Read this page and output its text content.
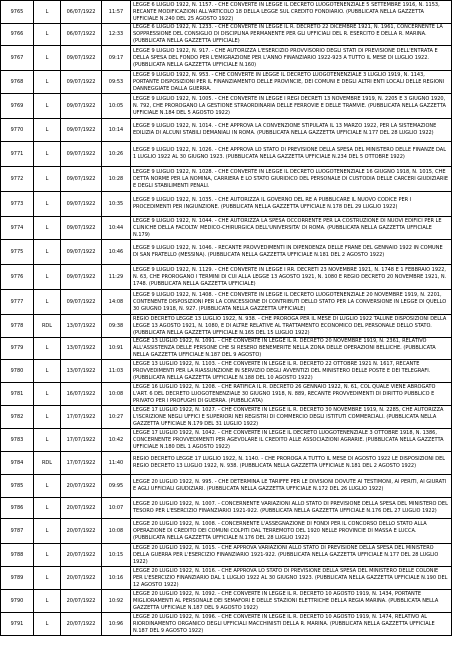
9765	L	06/07/1922	11:57	LEGGE 6 LUGLIO 1922, N. 1157. - CHE CONVERTE IN LEGGE IL DECRETO LUOGOTENENZIALE 5 SETTEMBRE 1916, N. 1153, RECANTE MODIFICAZIONI ALL'ARTICOLO 18 DELLA LEGGE SUL CREDITO FONDIARIO. (PUBBLICATA NELLA GAZZETTA UFFICIALE N.240 DEL 25 AGOSTO 1922)
9766	L	06/07/1922	12:33	LEGGE 6 LUGLIO 1922, N. 1233. - CHE CONVERTE IN LEGGE IL R. DECRETO 22 DICEMBRE 1921, N. 1961, CONCERNENTE LA SOPPRESSIONE DEL CONSIGLIO DI DISCIPLINA PERMANENTE PER GLI UFFICIALI DEL R. ESERCITO E DELLA R. MARINA. (PUBBLICATA NELLA GAZZETTA UFFICIALE)
9767	L	09/07/1922	09:17	LEGGE 9 LUGLIO 1922, N. 917. - CHE AUTORIZZA L'ESERCIZIO PROVVISORIO DEGLI STATI DI PREVISIONE DELL'ENTRATA E DELLA SPESA DEL FONDO PER L'EMIGRAZIONE PER L'ANNO FINANZIARIO 1922-923 A TUTTO IL MESE DI LUGLIO 1922. (PUBBLICATA NELLA GAZZETTA UFFICIALE N.160)
9768	L	09/07/1922	09:53	LEGGE 9 LUGLIO 1922, N. 953. - CHE CONVERTE IN LEGGE IL DECRETO LUOGOTENENZIALE 3 LUGLIO 1919, N. 1143, PORTANTE DISPOSIZIONI PER IL FINANZIAMENTO DELLE PROVINCIE, DEI COMUNI E DEGLI ALTRI ENTI LOCALI DELLE REGIONI DANNEGGIATE DALLA GUERRA.
9769	L	09/07/1922	10:05	LEGGE 9 LUGLIO 1922, N. 1005. - CHE CONVERTE IN LEGGE I REGI DECRETI 13 NOVEMBRE 1919, N. 2205 E 3 GIUGNO 1920, N. 792, CHE PROROGANO LA GESTIONE STRAORDINARIA DELLE FERROVIE E DELLE TRAMVIE. (PUBBLICATA NELLA GAZZETTA UFFICIALE N.184 DEL 5 AGOSTO 1922)
9770	L	09/07/1922	10:14	LEGGE 9 LUGLIO 1922, N. 1014. - CHE APPROVA LA CONVENZIONE STIPULATA IL 13 MARZO 1922, PER LA SISTEMAZIONE EDILIZIA DI ALCUNI STABILI DEMANIALI IN ROMA. (PUBBLICATA NELLA GAZZETTA UFFICIALE N.177 DEL 28 LUGLIO 1922)
9771	L	09/07/1922	10:26	LEGGE 9 LUGLIO 1922, N. 1026. - CHE APPROVA LO STATO DI PREVISIONE DELLA SPESA DEL MINISTERO DELLE FINANZE DAL 1 LUGLIO 1922 AL 30 GIUGNO 1923. (PUBBLICATA NELLA GAZZETTA UFFICIALE N.234 DEL 5 OTTOBRE 1922)
9772	L	09/07/1922	10:28	LEGGE 9 LUGLIO 1922, N. 1028. - CHE CONVERTE IN LEGGE IL DECRETO LUOGOTENENZIALE 16 GIUGNO 1918, N. 1015, CHE DETTA NORME PER LA NOMINA, CARRIERA E LO STATO GIURIDICO DEL PERSONALE DI CUSTODIA DELLE CARCERI GIUDIZIARIE E DEGLI STABILIMENTI PENALI.
9773	L	09/07/1922	10:35	LEGGE 9 LUGLIO 1922, N. 1035. - CHE AUTORIZZA IL GOVERNO DEL RE A PUBBLICARE IL NUOVO CODICE PER I PROCEDIMENTI PER INGIUNZIONE. (PUBBLICATA NELLA GAZZETTA UFFICIALE N.178 DEL 29 LUGLIO 1922)
9774	L	09/07/1922	10:44	LEGGE 9 LUGLIO 1922, N. 1044. - CHE AUTORIZZA LA SPESA OCCORRENTE PER LA COSTRUZIONE DI NUOVI EDIFICI PER LE CLINICHE DELLA FACOLTA' MEDICO-CHIRURGICA DELL'UNIVERSITA' DI ROMA. (PUBBLICATA NELLA GAZZETTA UFFICIALE N.179)
9775	L	09/07/1922	10:46	LEGGE 9 LUGLIO 1922, N. 1046. - RECANTE PROVVEDIMENTI IN DIPENDENZA DELLE FRANE DEL GENNAIO 1922 IN COMUNE DI SAN FRATELLO (MESSINA). (PUBBLICATA NELLA GAZZETTA UFFICIALE N.181 DEL 2 AGOSTO 1922)
9776	L	09/07/1922	11:29	LEGGE 9 LUGLIO 1922, N. 1129. - CHE CONVERTE IN LEGGE I RR. DECRETI 23 NOVEMBRE 1921, N. 1748 E 1 FEBBRAIO 1922, N. 63, CHE PROROGANO I TERMINI DI CUI ALLA LEGGE 13 AGOSTO 1921, N. 1080 E REGIO DECRETO 20 NOVEMBRE 1921, N. 1748. (PUBBLICATA NELLA GAZZETTA UFFICIALE)
9777	L	09/07/1922	14:08	LEGGE 9 LUGLIO 1922, N. 1408. - CHE CONVERTE IN LEGGE IL DECRETO LUOGOTENENZIALE 20 NOVEMBRE 1919, N. 2201, CONTENENTE DISPOSIZIONI PER LA CONCESSIONE DI CONTRIBUTI DELLO STATO PER LA CONVERSIONE IN LEGGE DI QUELLO 30 GIUGNO 1918, N. 927. (PUBBLICATA NELLA GAZZETTA UFFICIALE)
9778	RDL	13/07/1922	09:38	REGIO DECRETO LEGGE 13 LUGLIO 1922, N. 938. - CHE PROROGA PER IL MESE DI LUGLIO 1922 TALUNE DISPOSIZIONI DELLA LEGGE 13 AGOSTO 1921, N. 1080, E DI ALTRE RELATIVE AL TRATTAMENTO ECONOMICO DEL PERSONALE DELLO STATO. (PUBBLICATA NELLA GAZZETTA UFFICIALE N.165 DEL 15 LUGLIO 1922)
9779	L	13/07/1922	10:91	LEGGE 13 LUGLIO 1922, N. 1091. - CHE CONVERTE IN LEGGE IL R. DECRETO 20 NOVEMBRE 1919, N. 2361, RELATIVO ALL'ASSISTENZA DELLE PERSONE CHE SI RESERO BENEMERITE NELLA ZONA DELLE OPERAZIONI BELLICHE. (PUBBLICATA NELLA GAZZETTA UFFICIALE N.187 DEL 9 AGOSTO)
9780	L	13/07/1922	11:03	LEGGE 13 LUGLIO 1922, N. 1103. - CHE CONVERTE IN LEGGE IL R. DECRETO 22 OTTOBRE 1921 N. 1617, RECANTE PROVVEDIMENTI PER LA RIASSUNZIONE IN SERVIZIO DEGLI AVVENTIZI DEL MINISTERO DELLE POSTE E DEI TELEGRAFI. (PUBBLICATA NELLA GAZZETTA UFFICIALE N.188 DEL 10 AGOSTO 1922)
9781	L	16/07/1922	10:08	LEGGE 16 LUGLIO 1922, N. 1208. - CHE RATIFICA IL R. DECRETO 26 GENNAIO 1922, N. 61, COL QUALE VIENE ABROGATO L'ART. 6 DEL DECRETO LUOGOTENENZIALE 30 GIUGNO 1918, N. 889, RECANTE PROVVEDIMENTI DI DIRITTO PUBBLICO E PRIVATO PER I PROFUGHI DI GUERRA. (PUBBLICATA)
9782	L	17/07/1922	10:27	LEGGE 17 LUGLIO 1922, N. 1027. - CHE CONVERTE IN LEGGE IL R. DECRETO 30 NOVEMBRE 1919, N. 2285, CHE AUTORIZZA L'ISCRIZIONE NEGLI UFFICI E SUPERIORI NEI REGISTRI DI COMMERCIO DEGLI ISTITUTI COMMERCIALI. (PUBBLICATA NELLA GAZZETTA UFFICIALE N.179 DEL 31 LUGLIO 1922)
9783	L	17/07/1922	10:42	LEGGE 17 LUGLIO 1922, N. 1042. - CHE CONVERTE IN LEGGE IL DECRETO LUOGOTENENZIALE 3 OTTOBRE 1918, N. 1386, CONCERNENTE PROVVEDIMENTI PER AGEVOLARE IL CREDITO ALLE ASSOCIAZIONI AGRARIE. (PUBBLICATA NELLA GAZZETTA UFFICIALE N.180 DEL 1 AGOSTO 1922)
9784	RDL	17/07/1922	11:40	REGIO DECRETO LEGGE 17 LUGLIO 1922, N. 1140. - CHE PROROGA A TUTTO IL MESE DI AGOSTO 1922 LE DISPOSIZIONI DEL REGIO DECRETO 13 LUGLIO 1922, N. 938. (PUBBLICATA NELLA GAZZETTA UFFICIALE N.181 DEL 2 AGOSTO 1922)
9785	L	20/07/1922	09:95	LEGGE 20 LUGLIO 1922, N. 995. - CHE DETERMINA LE TARIFFE PER LE DIVISIONI DOVUTE AI TESTIMONI, AI PERITI, AI GIURATI E AGLI UFFICIALI GIUDIZIARI. (PUBBLICATA NELLA GAZZETTA UFFICIALE N.172 DEL 26 LUGLIO 1922)
9786	L	20/07/1922	10:07	LEGGE 20 LUGLIO 1922, N. 1007. - CONCERNENTE VARIAZIONI ALLO STATO DI PREVISIONE DELLA SPESA DEL MINISTERO DEL TESORO PER L'ESERCIZIO FINANZIARIO 1921-922. (PUBBLICATA NELLA GAZZETTA UFFICIALE N.176 DEL 27 LUGLIO 1922)
9787	L	20/07/1922	10:08	LEGGE 20 LUGLIO 1922, N. 1008. - CONCERNENTE L'ASSEGNAZIONE DI FONDI PER IL CONCORSO DELLO STATO ALLA OPERAZIONE DI CREDITO DEI COMUNI COLPITI DAL TERREMOTO DEL 1920 NELLE PROVINCIE DI MASSA E LUCCA. (PUBBLICATA NELLA GAZZETTA UFFICIALE N.176 DEL 28 LUGLIO 1922)
9788	L	20/07/1922	10:15	LEGGE 20 LUGLIO 1922, N. 1015. - CHE APPROVA VARIAZIONI ALLO STATO DI PREVISIONE DELLA SPESA DEL MINISTERO DELLA GUERRA PER L'ESERCIZIO FINANZIARIO 1921-922. (PUBBLICATA NELLA GAZZETTA UFFICIALE N.177 DEL 28 LUGLIO 1922)
9789	L	20/07/1922	10:16	LEGGE 20 LUGLIO 1922, N. 1016. - CHE APPROVA LO STATO DI PREVISIONE DELLA SPESA DEL MINISTERO DELLE COLONIE PER L'ESERCIZIO FINANZIARIO DAL 1 LUGLIO 1922 AL 30 GIUGNO 1923. (PUBBLICATA NELLA GAZZETTA UFFICIALE N.190 DEL 12 AGOSTO 1922)
9790	L	20/07/1922	10:92	LEGGE 20 LUGLIO 1922, N. 1092. - CHE CONVERTE IN LEGGE IL R. DECRETO 10 AGOSTO 1919, N. 1434, PORTANTE MIGLIORAMENTI AL PERSONALE DEI SEMAFORI E DELLE STAZIONI ELETTRICHE DELLA REGIA MARINA. (PUBBLICATA NELLA GAZZETTA UFFICIALE N.187 DEL 9 AGOSTO 1922)
9791	L	20/07/1922	10:96	LEGGE 20 LUGLIO 1922, N. 1096. - CHE CONVERTE IN LEGGE IL R. DECRETO 10 AGOSTO 1919, N. 1474, RELATIVO AL RIORDINAMENTO ORGANICO DEGLI UFFICIALI MACCHINISTI DELLA R. MARINA. (PUBBLICATA NELLA GAZZETTA UFFICIALE N.187 DEL 9 AGOSTO 1922)
